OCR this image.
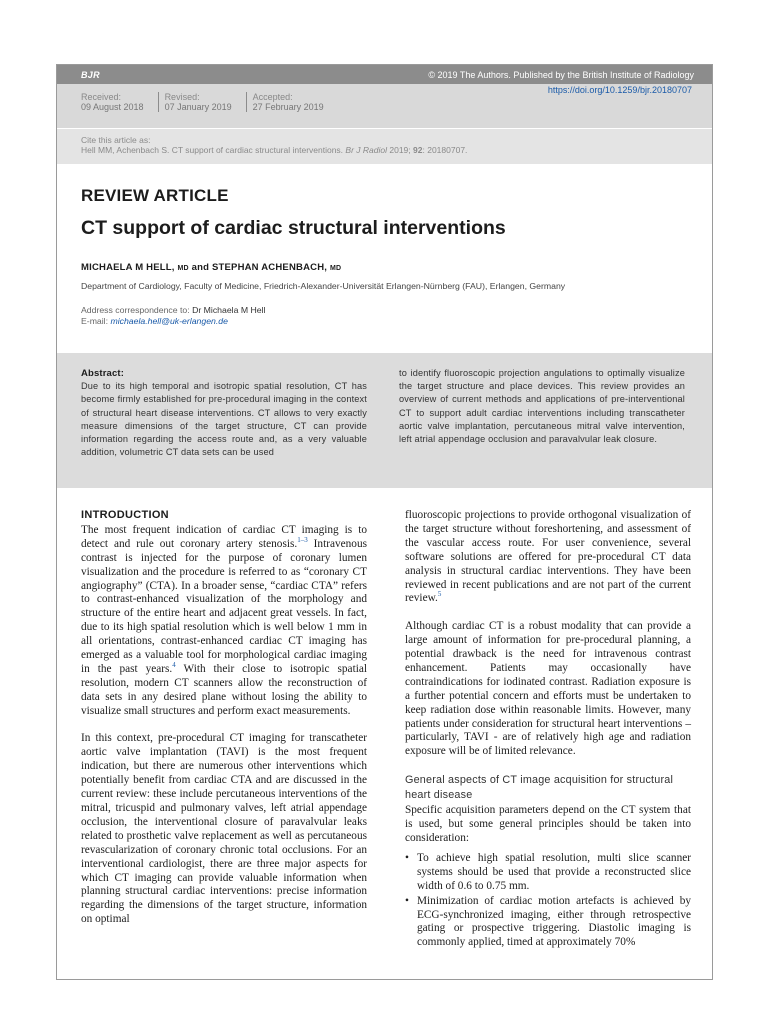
BJR	© 2019 The Authors. Published by the British Institute of Radiology
Received:
09 August 2018
Revised:
07 January 2019
Accepted:
27 February 2019
https://doi.org/10.1259/bjr.20180707
Cite this article as:
Hell MM, Achenbach S. CT support of cardiac structural interventions. Br J Radiol 2019; 92: 20180707.
REVIEW ARTICLE
CT support of cardiac structural interventions
MICHAELA M HELL, MD and STEPHAN ACHENBACH, MD
Department of Cardiology, Faculty of Medicine, Friedrich-Alexander-Universität Erlangen-Nürnberg (FAU), Erlangen, Germany
Address correspondence to: Dr Michaela M Hell
E-mail: michaela.hell@uk-erlangen.de
Abstract:
Due to its high temporal and isotropic spatial resolution, CT has become firmly established for pre-procedural imaging in the context of structural heart disease interventions. CT allows to very exactly measure dimensions of the target structure, CT can provide information regarding the access route and, as a very valuable addition, volumetric CT data sets can be used
to identify fluoroscopic projection angulations to optimally visualize the target structure and place devices. This review provides an overview of current methods and applications of pre-interventional CT to support adult cardiac interventions including transcatheter aortic valve implantation, percutaneous mitral valve intervention, left atrial appendage occlusion and paravalvular leak closure.
INTRODUCTION

The most frequent indication of cardiac CT imaging is to detect and rule out coronary artery stenosis.$^{1-3}$ Intravenous contrast is injected for the purpose of coronary lumen visualization and the procedure is referred to as “coronary CT angiography” (CTA). In a broader sense, “cardiac CTA” refers to contrast-enhanced visualization of the morphology and structure of the entire heart and adjacent great vessels. In fact, due to its high spatial resolution which is well below 1 mm in all orientations, contrast-enhanced cardiac CT imaging has emerged as a valuable tool for morphological cardiac imaging in the past years.$^4$ With their close to isotropic spatial resolution, modern CT scanners allow the reconstruction of data sets in any desired plane without losing the ability to visualize small structures and perform exact measurements.

In this context, pre-procedural CT imaging for transcatheter aortic valve implantation (TAVI) is the most frequent indication, but there are numerous other interventions which potentially benefit from cardiac CTA and are discussed in the current review: these include percutaneous interventions of the mitral, tricuspid and pulmonary valves, left atrial appendage occlusion, the interventional closure of paravalvular leaks related to prosthetic valve replacement as well as percutaneous revascularization of coronary chronic total occlusions. For an interventional cardiologist, there are three major aspects for which CT imaging can provide valuable information when planning structural cardiac interventions: precise information regarding the dimensions of the target structure, information on optimal

fluoroscopic projections to provide orthogonal visualization of the target structure without foreshortening, and assessment of the vascular access route. For user convenience, several software solutions are offered for pre-procedural CT data analysis in structural cardiac interventions. They have been reviewed in recent publications and are not part of the current review.$^5$

Although cardiac CT is a robust modality that can provide a large amount of information for pre-procedural planning, a potential drawback is the need for intravenous contrast enhancement. Patients may occasionally have contraindications for iodinated contrast. Radiation exposure is a further potential concern and efforts must be undertaken to keep radiation dose within reasonable limits. However, many patients under consideration for structural heart interventions – particularly, TAVI - are of relatively high age and radiation exposure will be of limited relevance.

General aspects of CT image acquisition for structural heart disease

Specific acquisition parameters depend on the CT system that is used, but some general principles should be taken into consideration:

• To achieve high spatial resolution, multi slice scanner systems should be used that provide a reconstructed slice width of 0.6 to 0.75 mm.
• Minimization of cardiac motion artefacts is achieved by ECG-synchronized imaging, either through retrospective gating or prospective triggering. Diastolic imaging is commonly applied, timed at approximately 70%
